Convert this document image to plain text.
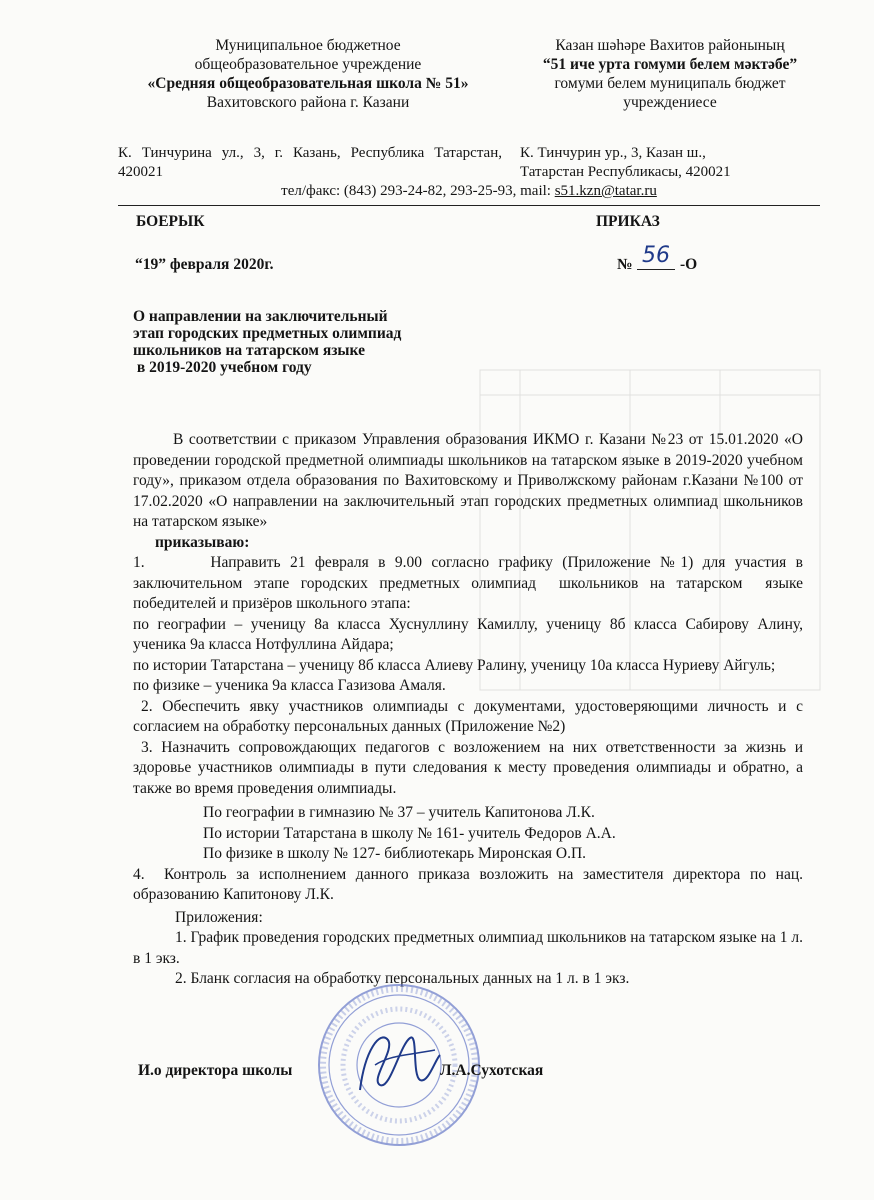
Муниципальное бюджетное
общеобразовательное учреждение
«Средняя общеобразовательная школа № 51»
Вахитовского района г. Казани
Казан шәһәре Вахитов районының
“51 иче урта гомуми белем мәктәбе”
гомуми белем муниципаль бюджет
учреждениесе
К. Тинчурина ул., 3, г. Казань, Республика Татарстан, 420021
К. Тинчурин ур., 3, Казан ш.,
Татарстан Республикасы, 420021
тел/факс: (843) 293-24-82, 293-25-93, mail: s51.kzn@tatar.ru
БОЕРЫК	ПРИКАЗ
“19” февраля 2020г.	№ 56 -О
О направлении на заключительный
этап городских предметных олимпиад
школьников на татарском языке
в 2019-2020 учебном году

В соответствии с приказом Управления образования ИКМО г. Казани №23 от 15.01.2020 «О проведении городской предметной олимпиады школьников на татарском языке в 2019-2020 учебном году», приказом отдела образования по Вахитовскому и Приволжскому районам г.Казани №100 от 17.02.2020 «О направлении на заключительный этап городских предметных олимпиад школьников на татарском языке»

приказываю:

1.       Направить 21 февраля в 9.00 согласно графику (Приложение №1) для участия в заключительном этапе городских предметных олимпиад  школьников на татарском  языке победителей и призёров школьного этапа:

по географии – ученицу 8а класса Хуснуллину Камиллу, ученицу 8б класса Сабирову Алину, ученика 9а класса Нотфуллина Айдара;

по истории Татарстана – ученицу 8б класса Алиеву Ралину, ученицу 10а класса Нуриеву Айгуль;

по физике – ученика 9а класса Газизова Амаля.

2. Обеспечить явку участников олимпиады с документами, удостоверяющими личность и с согласием на обработку персональных данных (Приложение №2)

3. Назначить сопровождающих педагогов с возложением на них ответственности за жизнь и здоровье участников олимпиады в пути следования к месту проведения олимпиады и обратно, а также во время проведения олимпиады.

По географии в гимназию № 37 – учитель Капитонова Л.К.

По истории Татарстана в школу № 161- учитель Федоров А.А.

По физике в школу № 127- библиотекарь Миронская О.П.

4.  Контроль за исполнением данного приказа возложить на заместителя директора по нац. образованию Капитонову Л.К.

Приложения:

1. График проведения городских предметных олимпиад школьников на татарском языке на 1 л. в 1 экз.

2. Бланк согласия на обработку персональных данных на 1 л. в 1 экз.

И.о директора школы	Л.А.Сухотская
